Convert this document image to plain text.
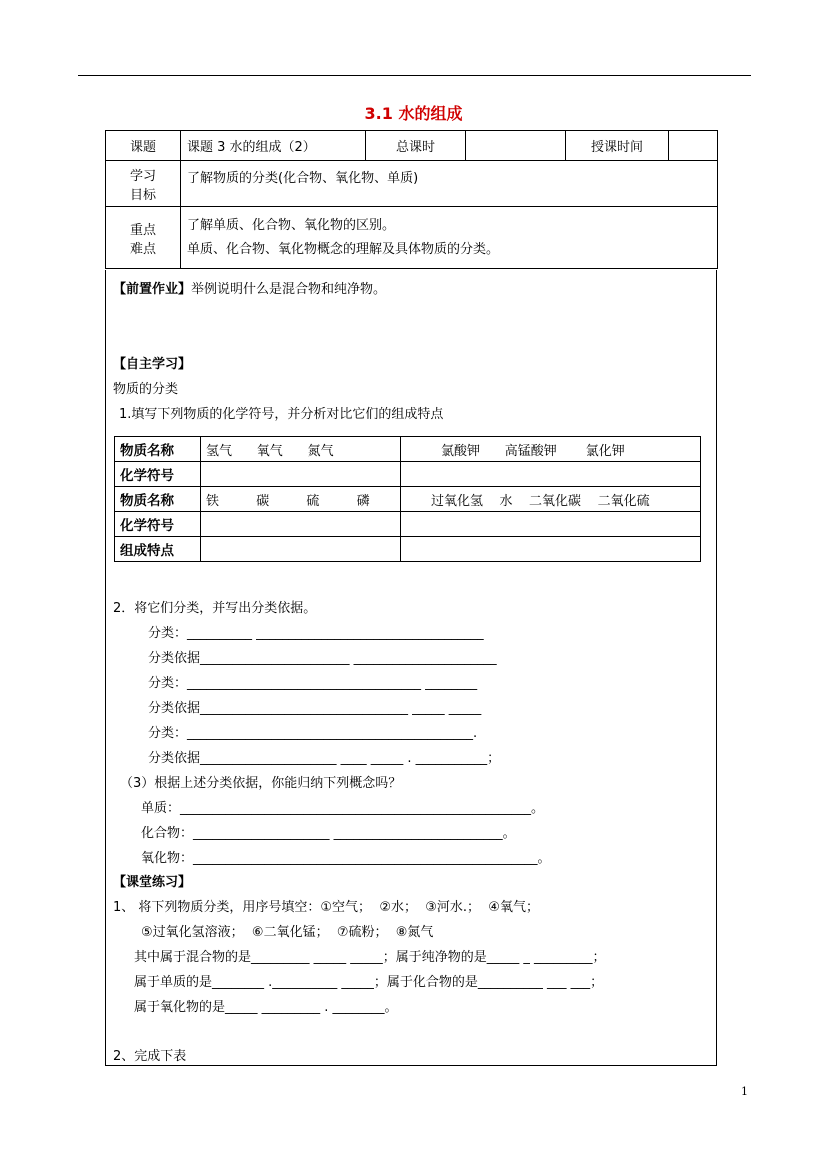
3.1 水的组成
课题	课题 3 水的组成（2）	总课时		授课时间	
学习
目标	了解物质的分类(化合物、氧化物、单质)				
重点
难点	了解单质、化合物、氧化物的区别。
单质、化合物、氧化物概念的理解及具体物质的分类。				
【前置作业】举例说明什么是混合物和纯净物。
【自主学习】
物质的分类
1.填写下列物质的化学符号，并分析对比它们的组成特点
物质名称	氢气      氧气      氮气	氯酸钾      高锰酸钾       氯化钾
化学符号		
物质名称	铁         碳         硫         磷	过氧化氢    水    二氧化碳    二氧化硫
化学符号		
组成特点		
2．将它们分类，并写出分类依据。
分类：__________ ___________________________________
分类依据_______________________ ______________________
分类：____________________________________ ________
分类依据________________________________ _____ _____
分类：____________________________________________.
分类依据_____________________ ____ _____ . ___________；
（3）根据上述分类依据，你能归纳下列概念吗？
单质：______________________________________________________。
化合物：_____________________ __________________________。
氧化物：_____________________________________________________。
【课堂练习】
1、 将下列物质分类，用序号填空：①空气；  ②水；  ③河水.；  ④氧气；
⑤过氧化氢溶液；  ⑥二氧化锰；  ⑦硫粉；  ⑧氮气
其中属于混合物的是_________ _____ _____；属于纯净物的是_____ _ _________；
属于单质的是________ .__________ _____；属于化合物的是__________ ___ ___；
属于氧化物的是_____ _________ . ________。
2、完成下表
1
